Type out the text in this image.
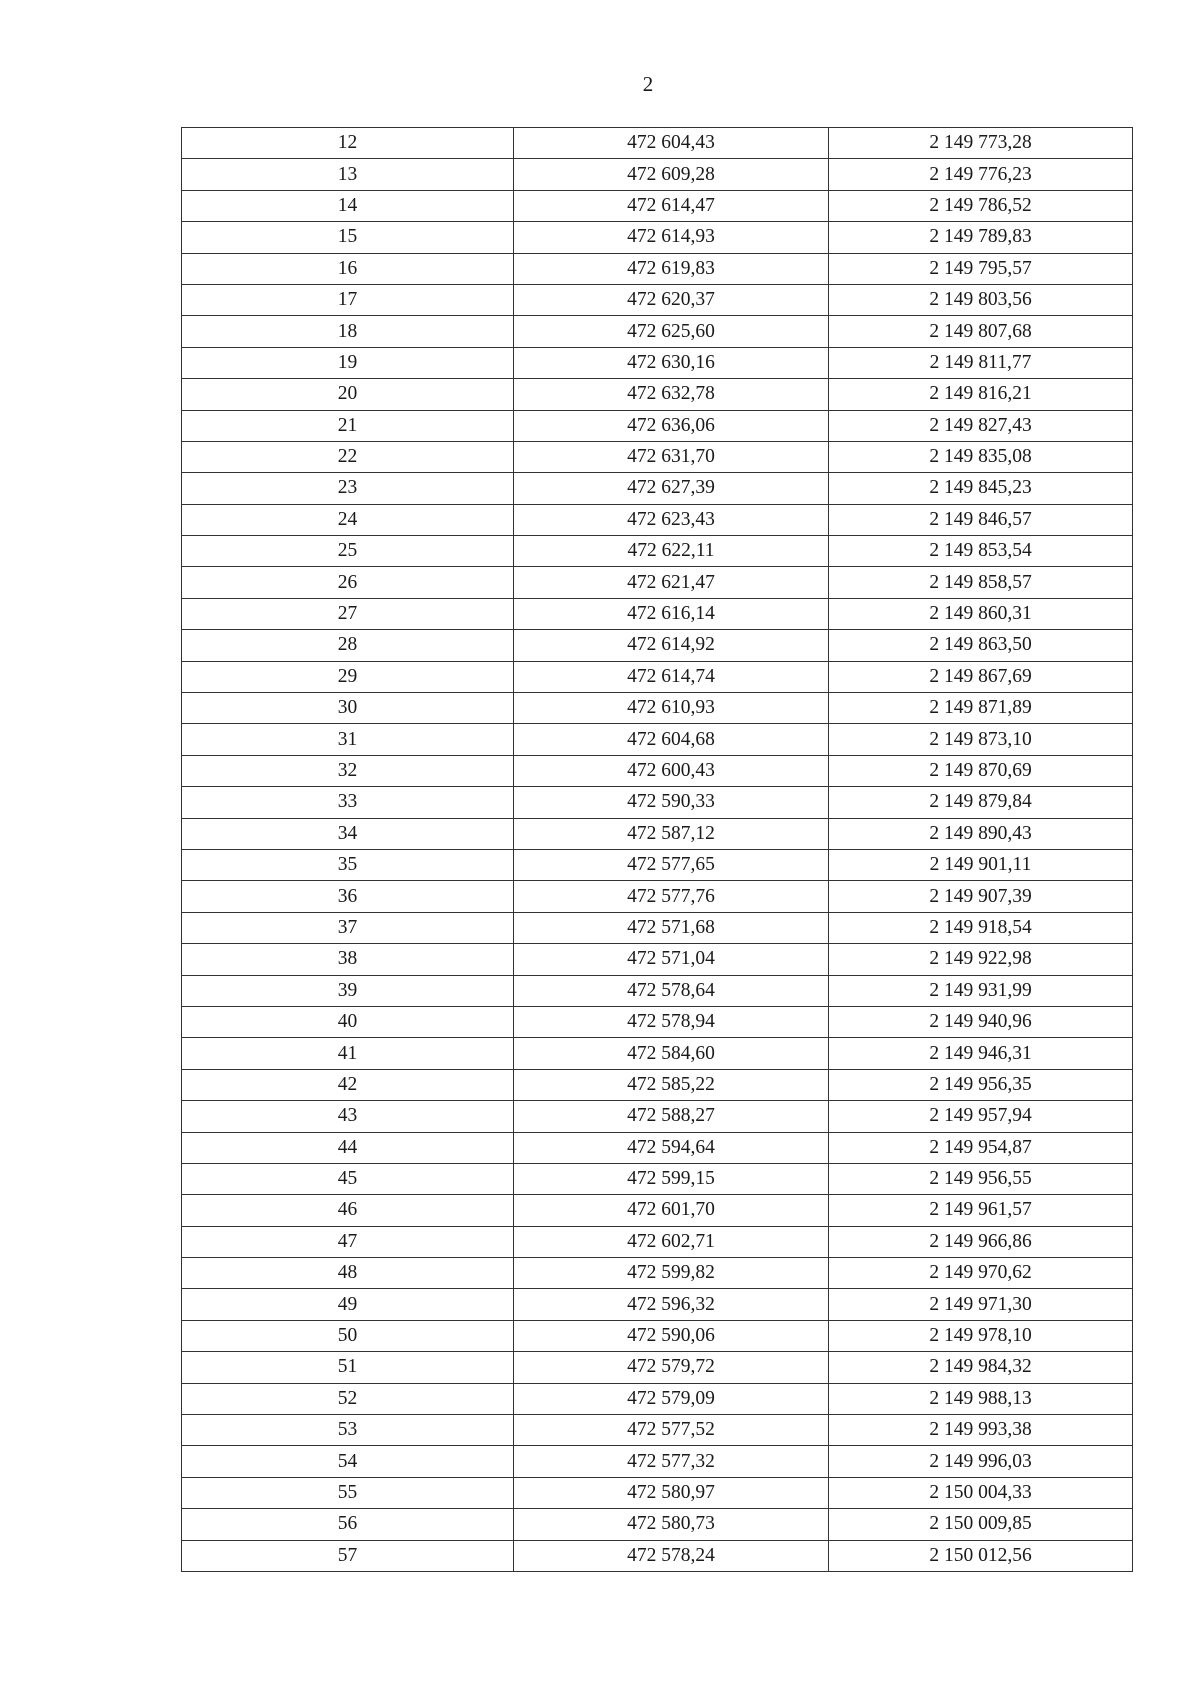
2
12	472 604,43	2 149 773,28
13	472 609,28	2 149 776,23
14	472 614,47	2 149 786,52
15	472 614,93	2 149 789,83
16	472 619,83	2 149 795,57
17	472 620,37	2 149 803,56
18	472 625,60	2 149 807,68
19	472 630,16	2 149 811,77
20	472 632,78	2 149 816,21
21	472 636,06	2 149 827,43
22	472 631,70	2 149 835,08
23	472 627,39	2 149 845,23
24	472 623,43	2 149 846,57
25	472 622,11	2 149 853,54
26	472 621,47	2 149 858,57
27	472 616,14	2 149 860,31
28	472 614,92	2 149 863,50
29	472 614,74	2 149 867,69
30	472 610,93	2 149 871,89
31	472 604,68	2 149 873,10
32	472 600,43	2 149 870,69
33	472 590,33	2 149 879,84
34	472 587,12	2 149 890,43
35	472 577,65	2 149 901,11
36	472 577,76	2 149 907,39
37	472 571,68	2 149 918,54
38	472 571,04	2 149 922,98
39	472 578,64	2 149 931,99
40	472 578,94	2 149 940,96
41	472 584,60	2 149 946,31
42	472 585,22	2 149 956,35
43	472 588,27	2 149 957,94
44	472 594,64	2 149 954,87
45	472 599,15	2 149 956,55
46	472 601,70	2 149 961,57
47	472 602,71	2 149 966,86
48	472 599,82	2 149 970,62
49	472 596,32	2 149 971,30
50	472 590,06	2 149 978,10
51	472 579,72	2 149 984,32
52	472 579,09	2 149 988,13
53	472 577,52	2 149 993,38
54	472 577,32	2 149 996,03
55	472 580,97	2 150 004,33
56	472 580,73	2 150 009,85
57	472 578,24	2 150 012,56
